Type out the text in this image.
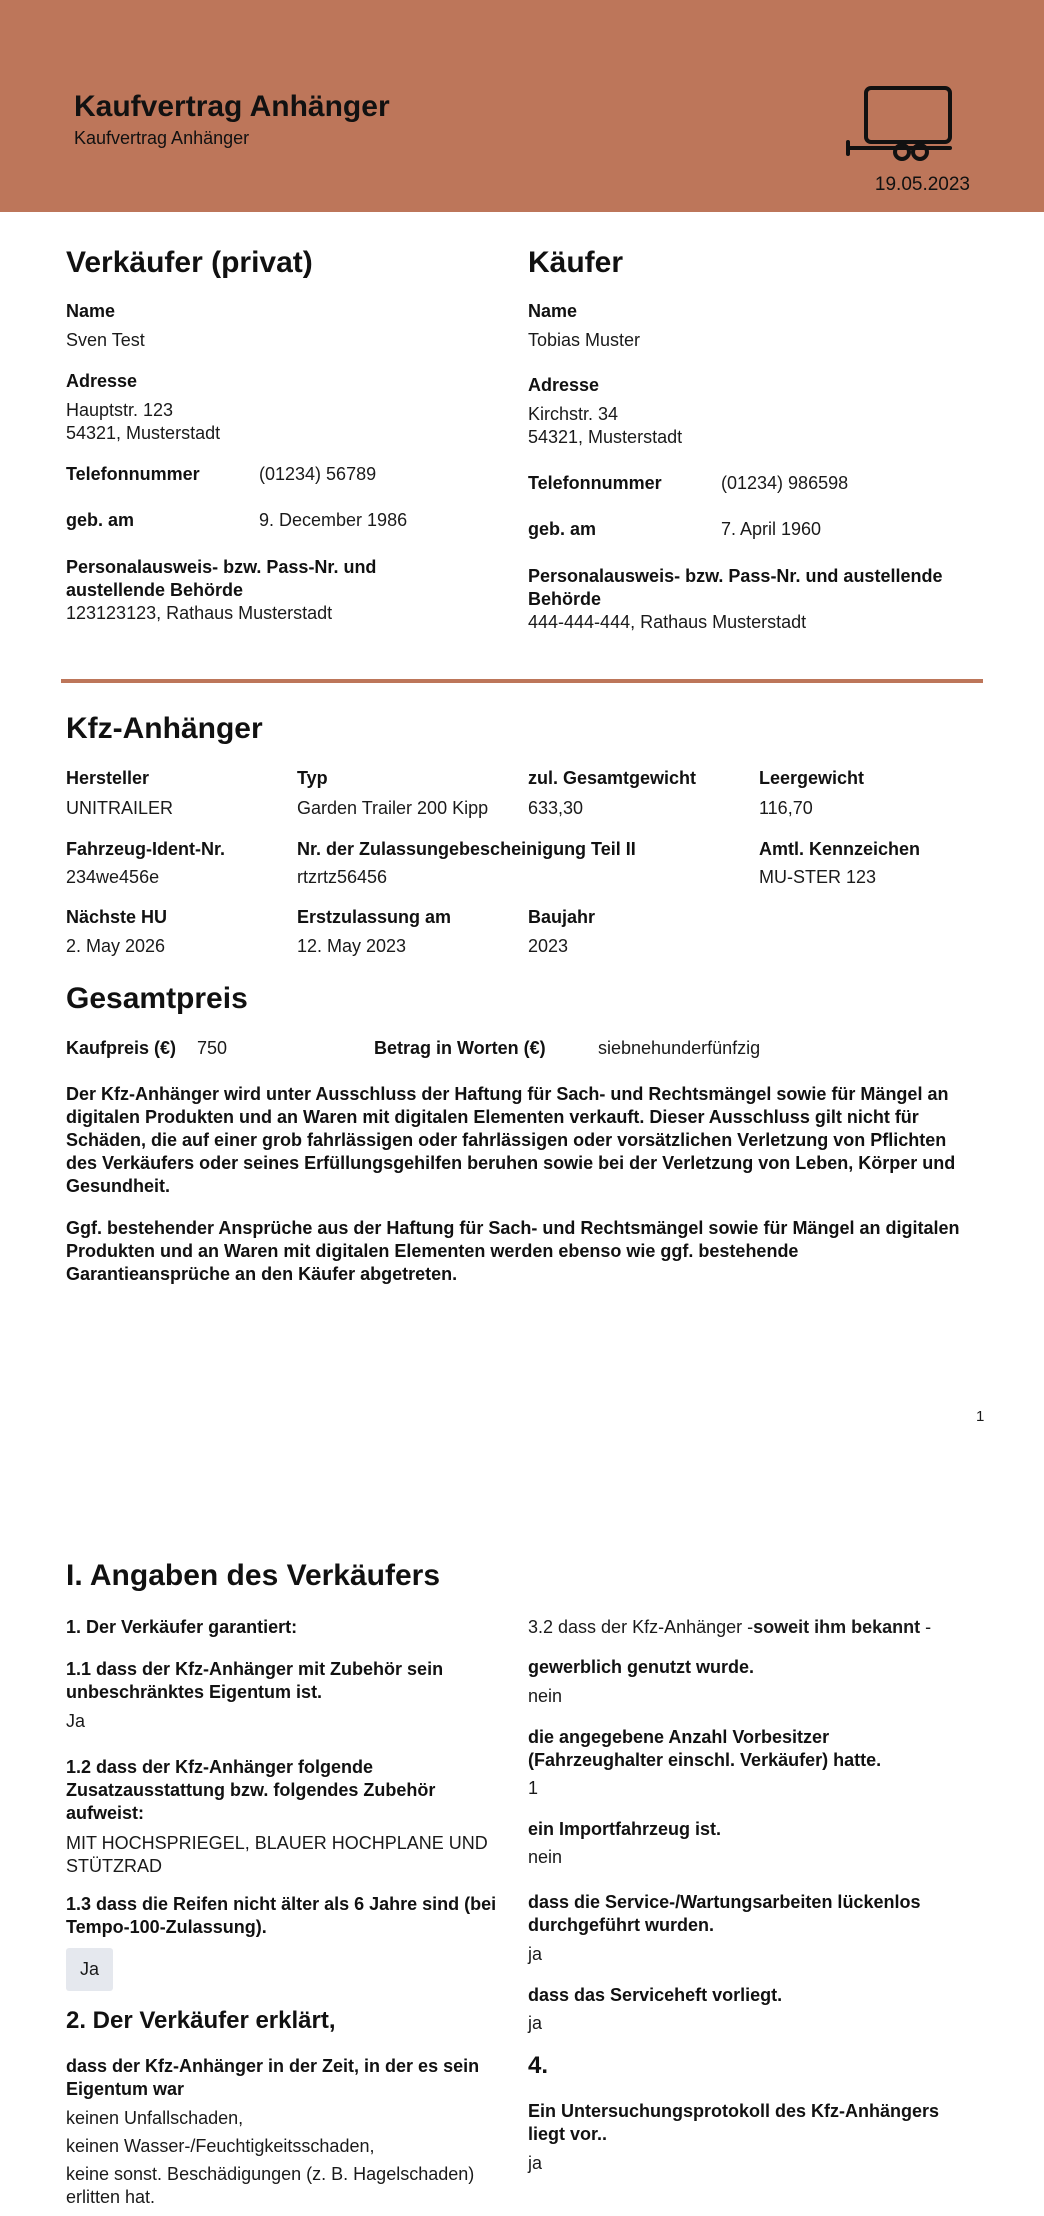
Kaufvertrag Anhänger
Kaufvertrag Anhänger
19.05.2023
Verkäufer (privat)
Name
Sven Test
Adresse
Hauptstr. 123
54321, Musterstadt
Telefonnummer	(01234) 56789
geb. am	9. December 1986
Personalausweis- bzw. Pass-Nr. und
austellende Behörde
123123123, Rathaus Musterstadt
Käufer
Name
Tobias Muster
Adresse
Kirchstr. 34
54321, Musterstadt
Telefonnummer	(01234) 986598
geb. am	7. April 1960
Personalausweis- bzw. Pass-Nr. und austellende
Behörde
444-444-444, Rathaus Musterstadt
Kfz-Anhänger
Hersteller
UNITRAILER
Typ
Garden Trailer 200 Kipp
zul. Gesamtgewicht
633,30
Leergewicht
116,70
Fahrzeug-Ident-Nr.
234we456e
Nr. der Zulassungebescheinigung Teil II
rtzrtz56456
Amtl. Kennzeichen
MU-STER 123
Nächste HU
2. May 2026
Erstzulassung am
12. May 2023
Baujahr
2023
Gesamtpreis
Kaufpreis (€) 750	Betrag in Worten (€)	siebnehunderfünfzig
Der Kfz-Anhänger wird unter Ausschluss der Haftung für Sach- und Rechtsmängel sowie für Mängel an
digitalen Produkten und an Waren mit digitalen Elementen verkauft. Dieser Ausschluss gilt nicht für
Schäden, die auf einer grob fahrlässigen oder fahrlässigen oder vorsätzlichen Verletzung von Pflichten
des Verkäufers oder seines Erfüllungsgehilfen beruhen sowie bei der Verletzung von Leben, Körper und
Gesundheit.
Ggf. bestehender Ansprüche aus der Haftung für Sach- und Rechtsmängel sowie für Mängel an digitalen
Produkten und an Waren mit digitalen Elementen werden ebenso wie ggf. bestehende
Garantieansprüche an den Käufer abgetreten.
1
I. Angaben des Verkäufers
1. Der Verkäufer garantiert:
1.1 dass der Kfz-Anhänger mit Zubehör sein
unbeschränktes Eigentum ist.
Ja
1.2 dass der Kfz-Anhänger folgende
Zusatzausstattung bzw. folgendes Zubehör
aufweist:
MIT HOCHSPRIEGEL, BLAUER HOCHPLANE UND
STÜTZRAD
1.3 dass die Reifen nicht älter als 6 Jahre sind (bei
Tempo-100-Zulassung).
Ja
2. Der Verkäufer erklärt,
dass der Kfz-Anhänger in der Zeit, in der es sein
Eigentum war
keinen Unfallschaden,
keinen Wasser-/Feuchtigkeitsschaden,
keine sonst. Beschädigungen (z. B. Hagelschaden)
erlitten hat.
3.2 dass der Kfz-Anhänger -soweit ihm bekannt -
gewerblich genutzt wurde.
nein
die angegebene Anzahl Vorbesitzer
(Fahrzeughalter einschl. Verkäufer) hatte.
1
ein Importfahrzeug ist.
nein
dass die Service-/Wartungsarbeiten lückenlos
durchgeführt wurden.
ja
dass das Serviceheft vorliegt.
ja
4.
Ein Untersuchungsprotokoll des Kfz-Anhängers
liegt vor..
ja
